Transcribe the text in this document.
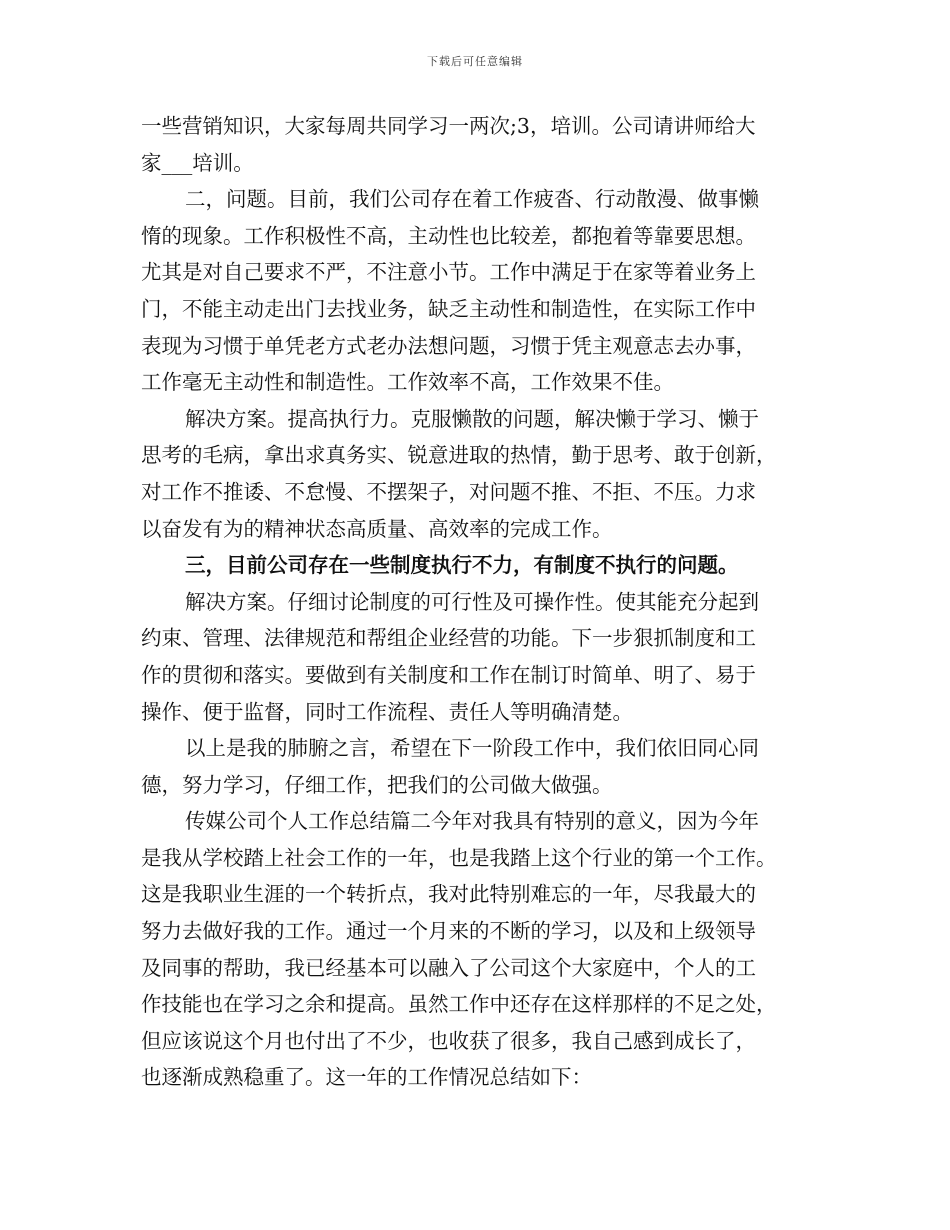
下载后可任意编辑
一些营销知识，大家每周共同学习一两次;3，培训。公司请讲师给大
家___培训。
二，问题。目前，我们公司存在着工作疲沓、行动散漫、做事懒
惰的现象。工作积极性不高，主动性也比较差，都抱着等靠要思想。
尤其是对自己要求不严，不注意小节。工作中满足于在家等着业务上
门，不能主动走出门去找业务，缺乏主动性和制造性，在实际工作中
表现为习惯于单凭老方式老办法想问题，习惯于凭主观意志去办事，
工作毫无主动性和制造性。工作效率不高，工作效果不佳。
解决方案。提高执行力。克服懒散的问题，解决懒于学习、懒于
思考的毛病，拿出求真务实、锐意进取的热情，勤于思考、敢于创新，
对工作不推诿、不怠慢、不摆架子，对问题不推、不拒、不压。力求
以奋发有为的精神状态高质量、高效率的完成工作。
三，目前公司存在一些制度执行不力，有制度不执行的问题。
解决方案。仔细讨论制度的可行性及可操作性。使其能充分起到
约束、管理、法律规范和帮组企业经营的功能。下一步狠抓制度和工
作的贯彻和落实。要做到有关制度和工作在制订时简单、明了、易于
操作、便于监督，同时工作流程、责任人等明确清楚。
以上是我的肺腑之言，希望在下一阶段工作中，我们依旧同心同
德，努力学习，仔细工作，把我们的公司做大做强。
传媒公司个人工作总结篇二今年对我具有特别的意义，因为今年
是我从学校踏上社会工作的一年，也是我踏上这个行业的第一个工作。
这是我职业生涯的一个转折点，我对此特别难忘的一年，尽我最大的
努力去做好我的工作。通过一个月来的不断的学习，以及和上级领导
及同事的帮助，我已经基本可以融入了公司这个大家庭中，个人的工
作技能也在学习之余和提高。虽然工作中还存在这样那样的不足之处，
但应该说这个月也付出了不少，也收获了很多，我自己感到成长了，
也逐渐成熟稳重了。这一年的工作情况总结如下：
